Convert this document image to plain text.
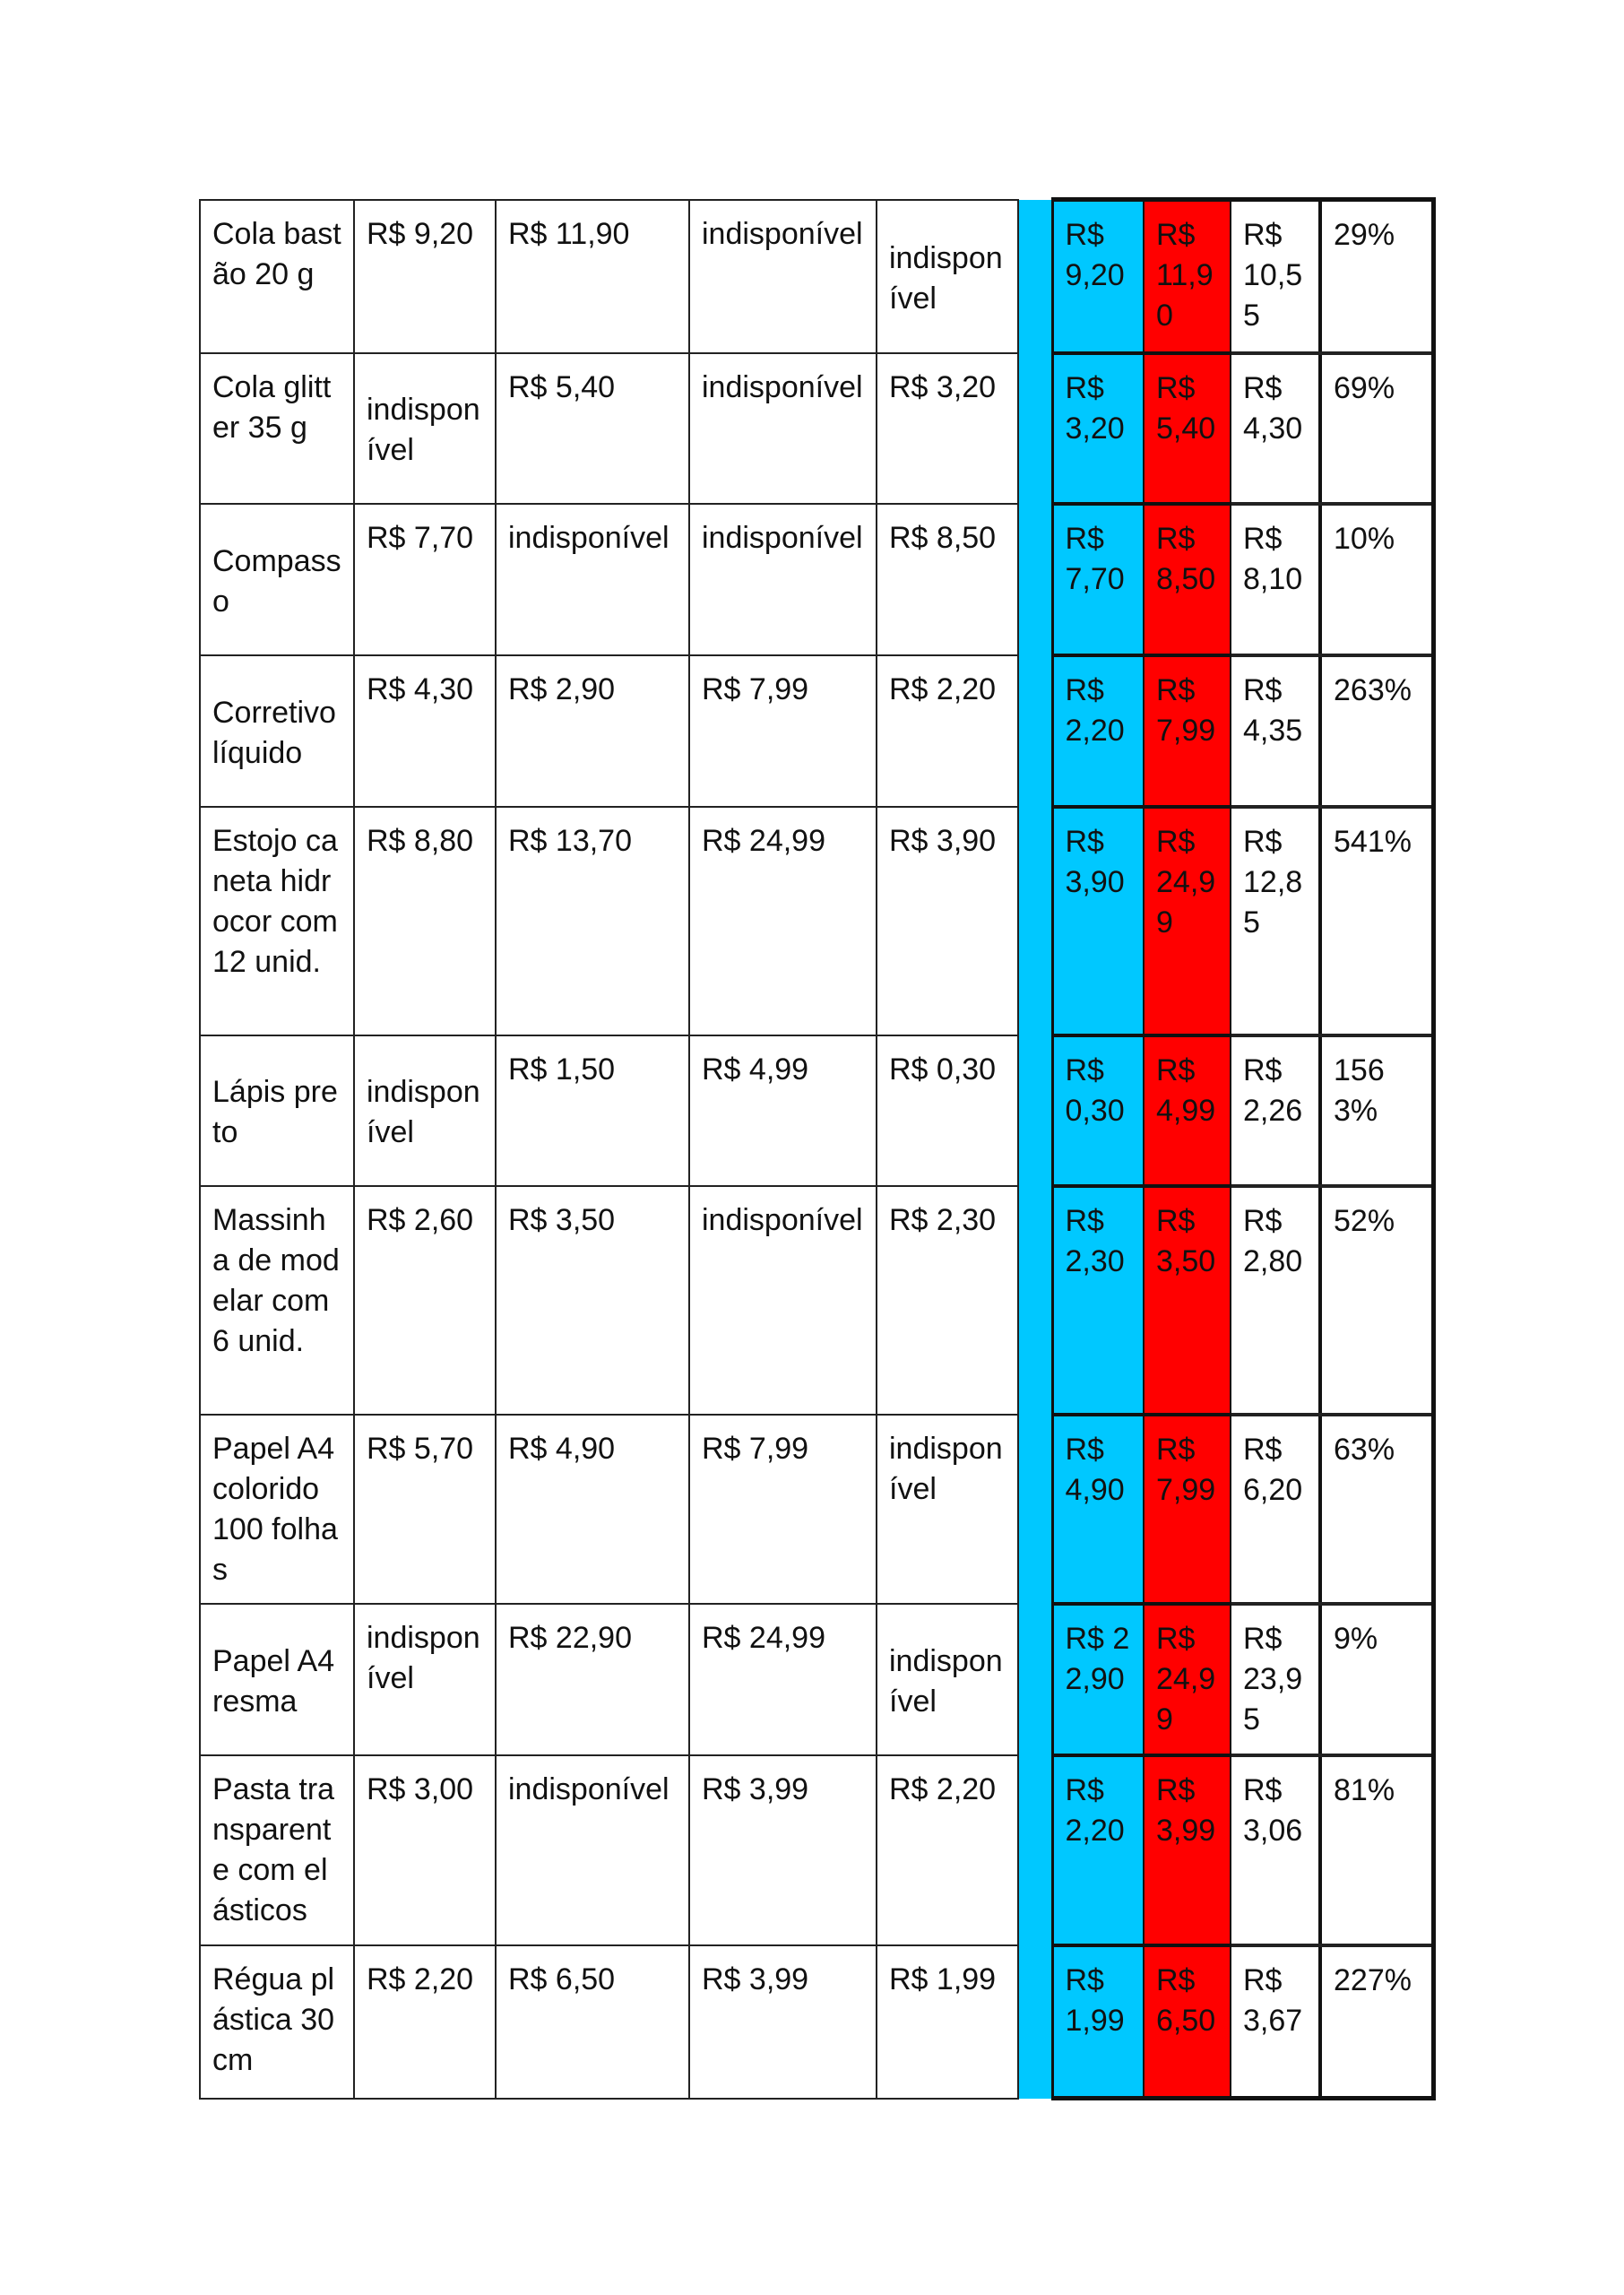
Cola bastão 20 g	R$ 9,20	R$ 11,90	indisponível	indisponível		R$ 9,20	R$ 11,90	R$ 10,55	29%
Cola glitter 35 g	indisponível	R$ 5,40	indisponível	R$ 3,20		R$ 3,20	R$ 5,40	R$ 4,30	69%
Compasso	R$ 7,70	indisponível	indisponível	R$ 8,50		R$ 7,70	R$ 8,50	R$ 8,10	10%
Corretivo líquido	R$ 4,30	R$ 2,90	R$ 7,99	R$ 2,20		R$ 2,20	R$ 7,99	R$ 4,35	263%
Estojo caneta hidrocor com 12 unid.	R$ 8,80	R$ 13,70	R$ 24,99	R$ 3,90		R$ 3,90	R$ 24,99	R$ 12,85	541%
Lápis preto	indisponível	R$ 1,50	R$ 4,99	R$ 0,30		R$ 0,30	R$ 4,99	R$ 2,26	1563%
Massinha de modelar com 6 unid.	R$ 2,60	R$ 3,50	indisponível	R$ 2,30		R$ 2,30	R$ 3,50	R$ 2,80	52%
Papel A4 colorido 100 folhas	R$ 5,70	R$ 4,90	R$ 7,99	indisponível		R$ 4,90	R$ 7,99	R$ 6,20	63%
Papel A4 resma	indisponível	R$ 22,90	R$ 24,99	indisponível		R$ 22,90	R$ 24,99	R$ 23,95	9%
Pasta transparente com elásticos	R$ 3,00	indisponível	R$ 3,99	R$ 2,20		R$ 2,20	R$ 3,99	R$ 3,06	81%
Régua plástica 30 cm	R$ 2,20	R$ 6,50	R$ 3,99	R$ 1,99		R$ 1,99	R$ 6,50	R$ 3,67	227%
